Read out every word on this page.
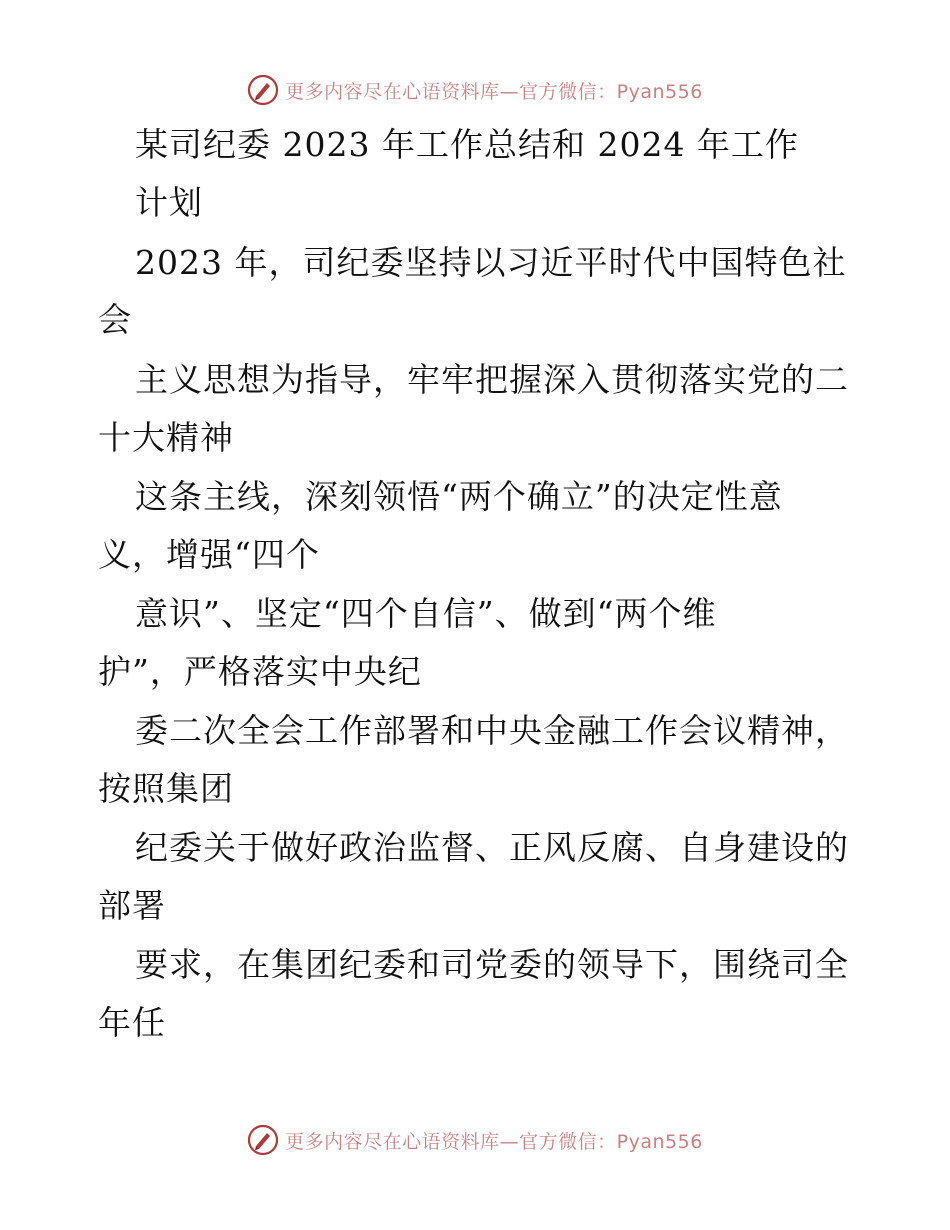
更多内容尽在心语资料库—官方微信：Pyan556
某司纪委 2023 年工作总结和 2024 年工作
计划
2023 年，司纪委坚持以习近平时代中国特色社
会
主义思想为指导，牢牢把握深入贯彻落实党的二
十大精神
这条主线，深刻领悟“两个确立”的决定性意
义，增强“四个
意识”、坚定“四个自信”、做到“两个维
护”，严格落实中央纪
委二次全会工作部署和中央金融工作会议精神，
按照集团
纪委关于做好政治监督、正风反腐、自身建设的
部署
要求，在集团纪委和司党委的领导下，围绕司全
年任
更多内容尽在心语资料库—官方微信：Pyan556
